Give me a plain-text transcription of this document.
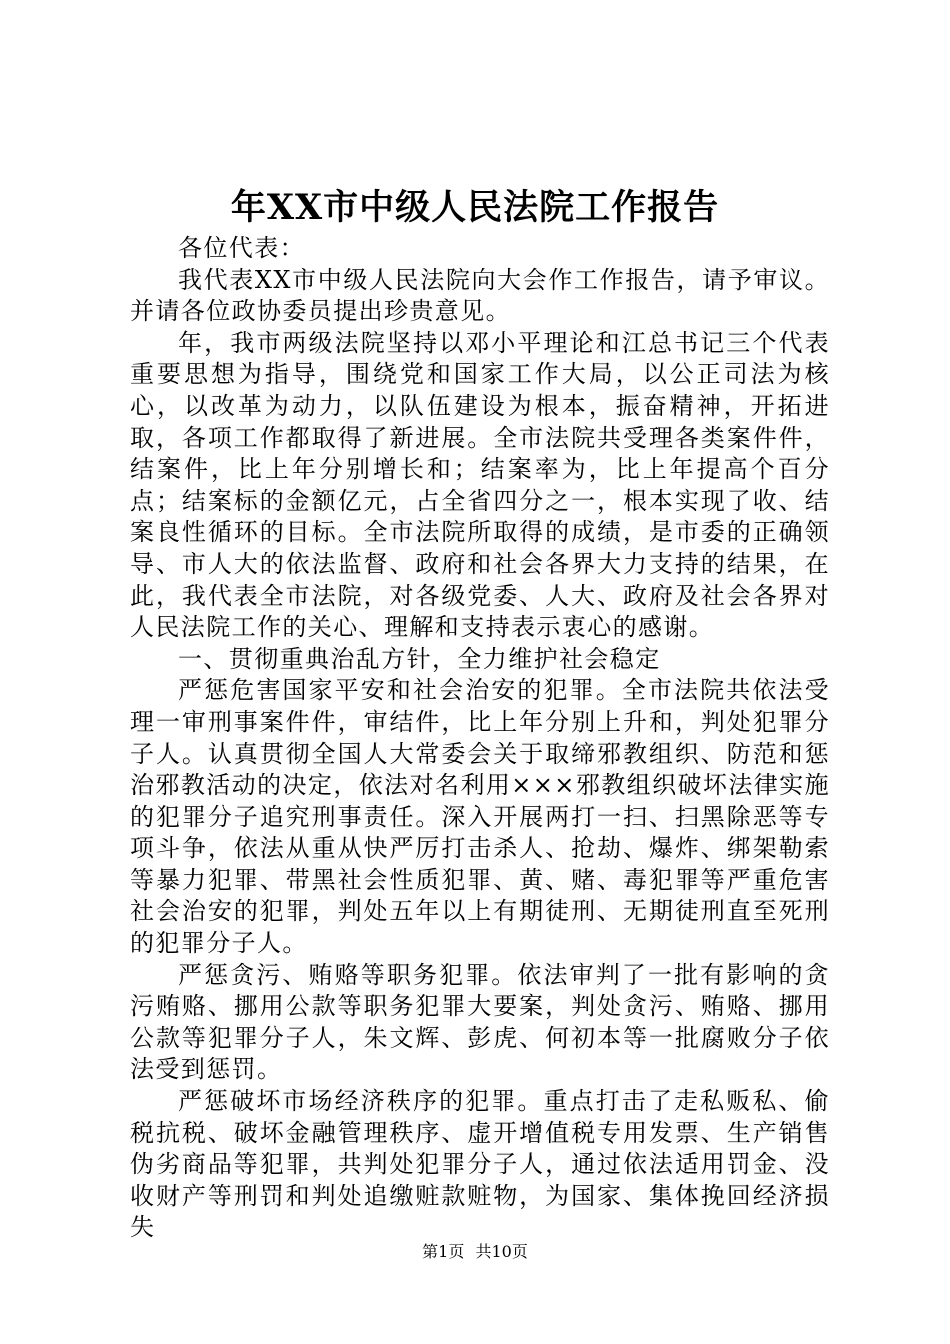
年XX市中级人民法院工作报告

各位代表：

我代表XX市中级人民法院向大会作工作报告，请予审议。并请各位政协委员提出珍贵意见。

年，我市两级法院坚持以邓小平理论和江总书记三个代表重要思想为指导，围绕党和国家工作大局，以公正司法为核心，以改革为动力，以队伍建设为根本，振奋精神，开拓进取，各项工作都取得了新进展。全市法院共受理各类案件件，结案件，比上年分别增长和；结案率为，比上年提高个百分点；结案标的金额亿元，占全省四分之一，根本实现了收、结案良性循环的目标。全市法院所取得的成绩，是市委的正确领导、市人大的依法监督、政府和社会各界大力支持的结果，在此，我代表全市法院，对各级党委、人大、政府及社会各界对人民法院工作的关心、理解和支持表示衷心的感谢。

一、贯彻重典治乱方针，全力维护社会稳定

严惩危害国家平安和社会治安的犯罪。全市法院共依法受理一审刑事案件件，审结件，比上年分别上升和，判处犯罪分子人。认真贯彻全国人大常委会关于取缔邪教组织、防范和惩治邪教活动的决定，依法对名利用×××邪教组织破坏法律实施的犯罪分子追究刑事责任。深入开展两打一扫、扫黑除恶等专项斗争，依法从重从快严厉打击杀人、抢劫、爆炸、绑架勒索等暴力犯罪、带黑社会性质犯罪、黄、赌、毒犯罪等严重危害社会治安的犯罪，判处五年以上有期徒刑、无期徒刑直至死刑的犯罪分子人。

严惩贪污、贿赂等职务犯罪。依法审判了一批有影响的贪污贿赂、挪用公款等职务犯罪大要案，判处贪污、贿赂、挪用公款等犯罪分子人，朱文辉、彭虎、何初本等一批腐败分子依法受到惩罚。

严惩破坏市场经济秩序的犯罪。重点打击了走私贩私、偷税抗税、破坏金融管理秩序、虚开增值税专用发票、生产销售伪劣商品等犯罪，共判处犯罪分子人，通过依法适用罚金、没收财产等刑罚和判处追缴赃款赃物，为国家、集体挽回经济损失

第1页 共10页
